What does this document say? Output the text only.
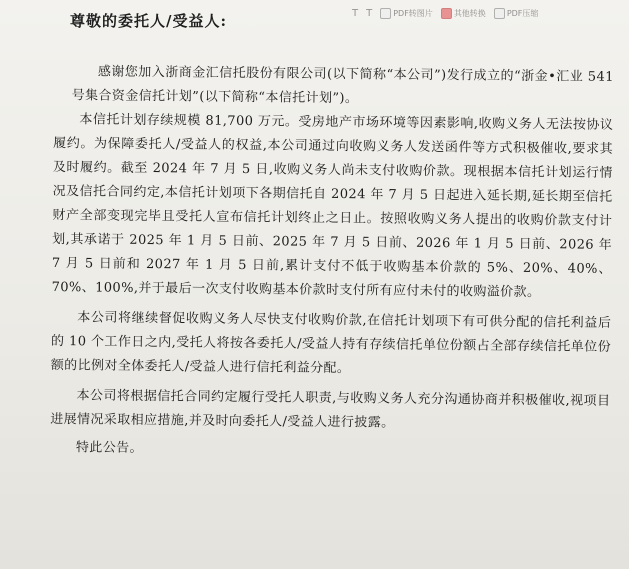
T T	PDF转图片	其他转换	PDF压缩
尊敬的委托人/受益人:

感谢您加入浙商金汇信托股份有限公司(以下简称“本公司”)发行成立的“浙金•汇业 541 号集合资金信托计划”(以下简称“本信托计划”)。

本信托计划存续规模 81,700 万元。受房地产市场环境等因素影响,收购义务人无法按协议履约。为保障委托人/受益人的权益,本公司通过向收购义务人发送函件等方式积极催收,要求其及时履约。截至 2024 年 7 月 5 日,收购义务人尚未支付收购价款。现根据本信托计划运行情况及信托合同约定,本信托计划项下各期信托自 2024 年 7 月 5 日起进入延长期,延长期至信托财产全部变现完毕且受托人宣布信托计划终止之日止。按照收购义务人提出的收购价款支付计划,其承诺于 2025 年 1 月 5 日前、2025 年 7 月 5 日前、2026 年 1 月 5 日前、2026 年 7 月 5 日前和 2027 年 1 月 5 日前,累计支付不低于收购基本价款的 5%、20%、40%、70%、100%,并于最后一次支付收购基本价款时支付所有应付未付的收购溢价款。

本公司将继续督促收购义务人尽快支付收购价款,在信托计划项下有可供分配的信托利益后的 10 个工作日之内,受托人将按各委托人/受益人持有存续信托单位份额占全部存续信托单位份额的比例对全体委托人/受益人进行信托利益分配。

本公司将根据信托合同约定履行受托人职责,与收购义务人充分沟通协商并积极催收,视项目进展情况采取相应措施,并及时向委托人/受益人进行披露。

特此公告。
